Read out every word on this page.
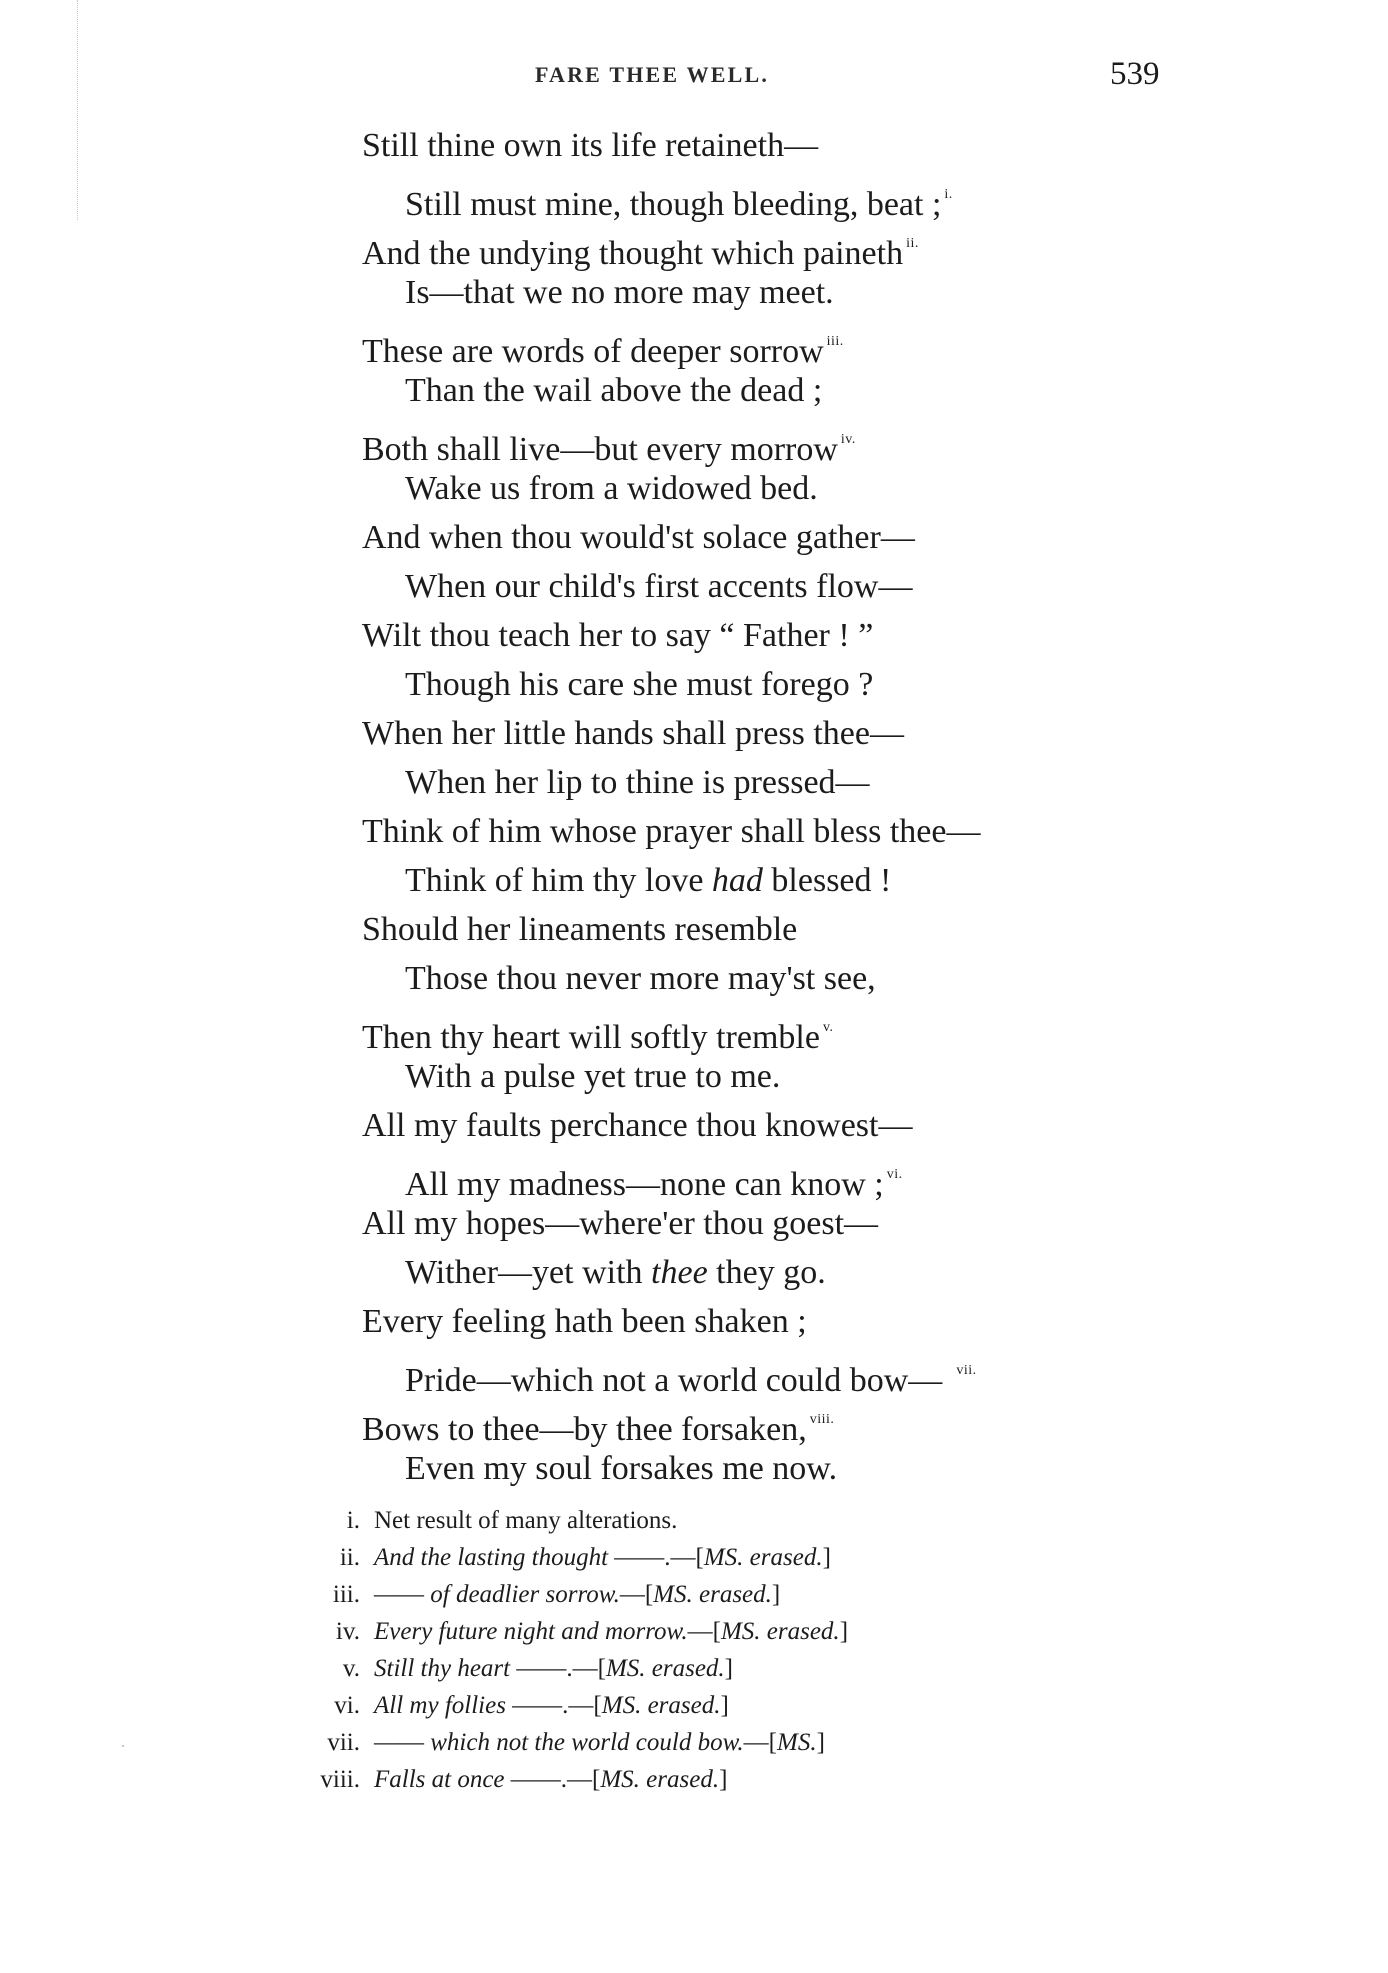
FARE THEE WELL.	539
Still thine own its life retaineth—
Still must mine, though bleeding, beat ; $^{i.}$
And the undying thought which paineth $^{ii.}$
Is—that we no more may meet.
These are words of deeper sorrow $^{iii.}$
Than the wail above the dead ;
Both shall live—but every morrow $^{iv.}$
Wake us from a widowed bed.
And when thou would'st solace gather—
When our child's first accents flow—
Wilt thou teach her to say “ Father ! ”
Though his care she must forego ?
When her little hands shall press thee—
When her lip to thine is pressed—
Think of him whose prayer shall bless thee—
Think of him thy love had blessed !
Should her lineaments resemble
Those thou never more may'st see,
Then thy heart will softly tremble $^{v.}$
With a pulse yet true to me.
All my faults perchance thou knowest—
All my madness—none can know ; $^{vi.}$
All my hopes—where'er thou goest—
Wither—yet with thee they go.
Every feeling hath been shaken ;
Pride—which not a world could bow— $^{vii.}$
Bows to thee—by thee forsaken, $^{viii.}$
Even my soul forsakes me now.
i. Net result of many alterations.
ii. And the lasting thought ——.—[MS. erased.]
iii. —— of deadlier sorrow.—[MS. erased.]
iv. Every future night and morrow.—[MS. erased.]
v. Still thy heart ——.—[MS. erased.]
vi. All my follies ——.—[MS. erased.]
vii. —— which not the world could bow.—[MS.]
viii. Falls at once ——.—[MS. erased.]
